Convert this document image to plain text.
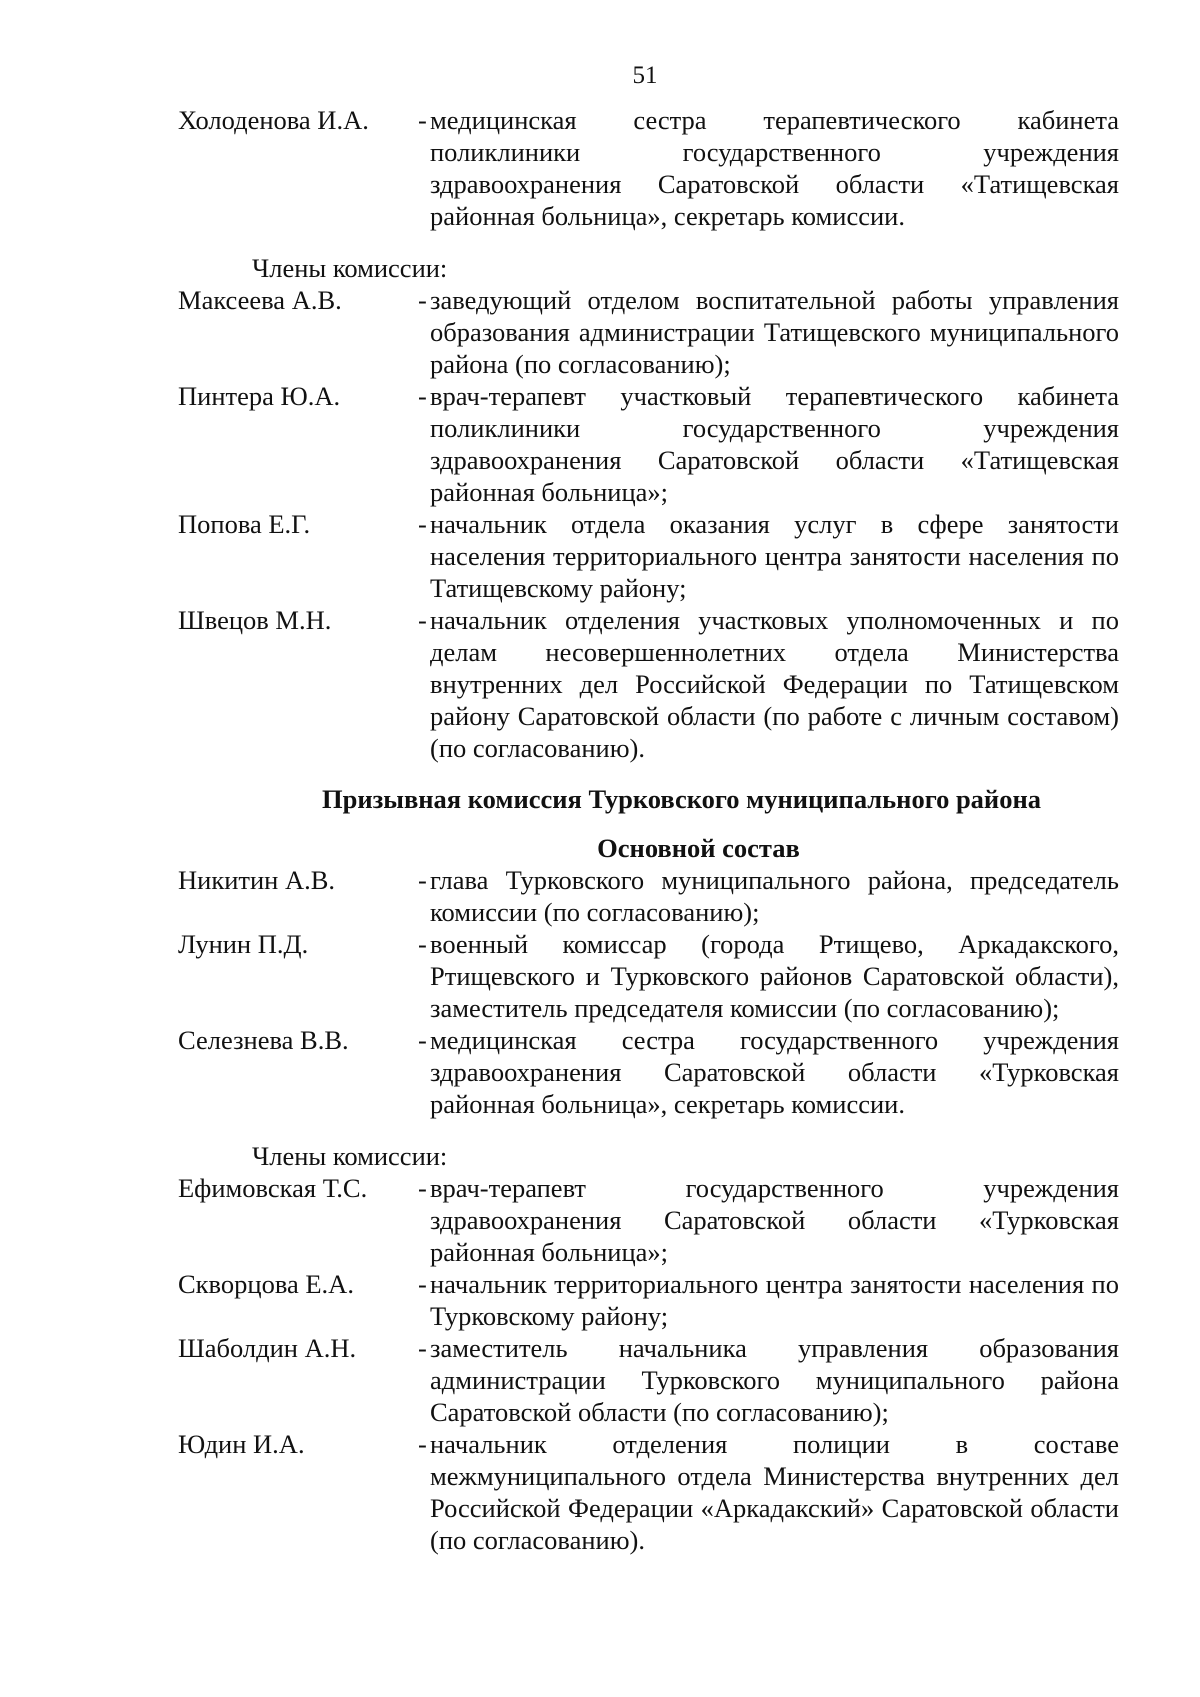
51
Холоденова И.А.	- медицинская сестра терапевтического кабинета поликлиники государственного учреждения здравоохранения Саратовской области «Татищевская районная больница», секретарь комиссии.
Члены комиссии:
Максеева А.В.	- заведующий отделом воспитательной работы управления образования администрации Татищевского муниципального района (по согласованию);
Пинтера Ю.А.	- врач-терапевт участковый терапевтического кабинета поликлиники государственного учреждения здравоохранения Саратовской области «Татищевская районная больница»;
Попова Е.Г.	- начальник отдела оказания услуг в сфере занятости населения территориального центра занятости населения по Татищевскому району;
Швецов М.Н.	- начальник отделения участковых уполномоченных и по делам несовершеннолетних отдела Министерства внутренних дел Российской Федерации по Татищевском району Саратовской области (по работе с личным составом) (по согласованию).
Призывная комиссия Турковского муниципального района
Основной состав
Никитин А.В.	- глава Турковского муниципального района, председатель комиссии (по согласованию);
Лунин П.Д.	- военный комиссар (города Ртищево, Аркадакского, Ртищевского и Турковского районов Саратовской области), заместитель председателя комиссии (по согласованию);
Селезнева В.В.	- медицинская сестра государственного учреждения здравоохранения Саратовской области «Турковская районная больница», секретарь комиссии.
Члены комиссии:
Ефимовская Т.С.	- врач-терапевт государственного учреждения здравоохранения Саратовской области «Турковская районная больница»;
Скворцова Е.А.	- начальник территориального центра занятости населения по Турковскому району;
Шаболдин А.Н.	- заместитель начальника управления образования администрации Турковского муниципального района Саратовской области (по согласованию);
Юдин И.А.	- начальник отделения полиции в составе межмуниципального отдела Министерства внутренних дел Российской Федерации «Аркадакский» Саратовской области (по согласованию).
